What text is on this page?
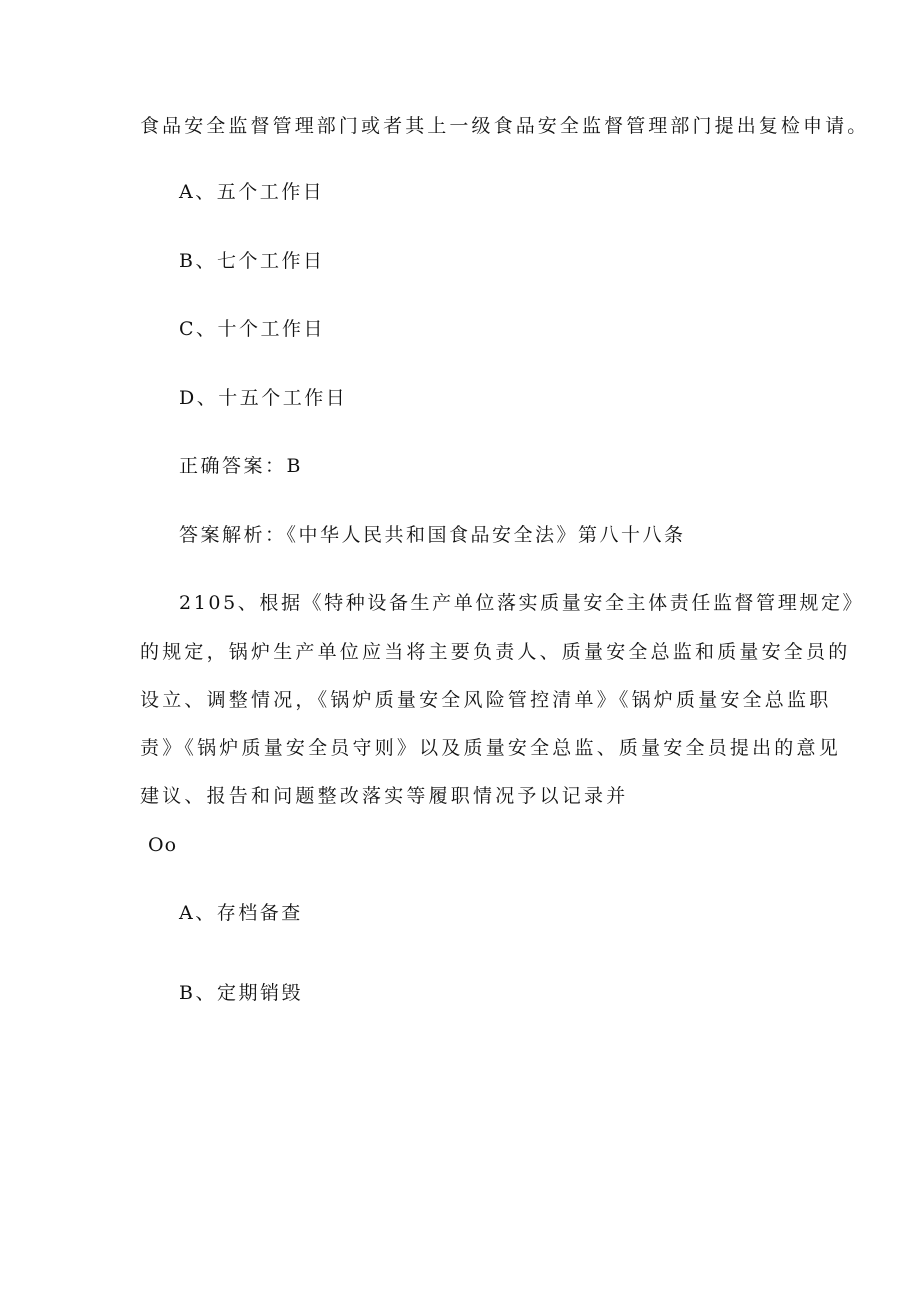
食品安全监督管理部门或者其上一级食品安全监督管理部门提出复检申请。
A、五个工作日
B、七个工作日
C、十个工作日
D、十五个工作日
正确答案：B
答案解析：《中华人民共和国食品安全法》第八十八条
2105、根据《特种设备生产单位落实质量安全主体责任监督管理规定》
的规定，锅炉生产单位应当将主要负责人、质量安全总监和质量安全员的
设立、调整情况，《锅炉质量安全风险管控清单》《锅炉质量安全总监职
责》《锅炉质量安全员守则》以及质量安全总监、质量安全员提出的意见
建议、报告和问题整改落实等履职情况予以记录并
Oo
A、存档备查
B、定期销毁
